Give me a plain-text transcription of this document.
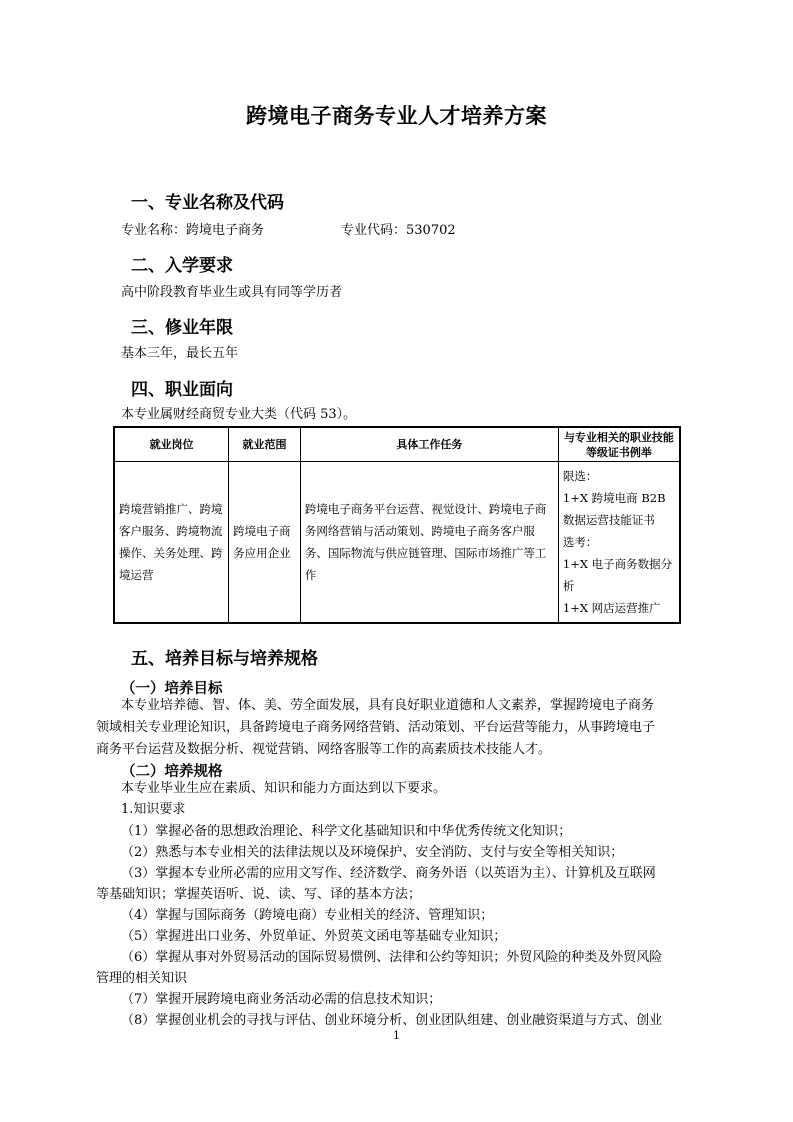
跨境电子商务专业人才培养方案
一、专业名称及代码
专业名称：跨境电子商务	专业代码：530702
二、入学要求
高中阶段教育毕业生或具有同等学历者
三、修业年限
基本三年，最长五年
四、职业面向
本专业属财经商贸专业大类（代码 53）。
就业岗位	就业范围	具体工作任务	与专业相关的职业技能等级证书例举
跨境营销推广、跨境客户服务、跨境物流操作、关务处理、跨境运营	跨境电子商务应用企业	跨境电子商务平台运营、视觉设计、跨境电子商务网络营销与活动策划、跨境电子商务客户服务、国际物流与供应链管理、国际市场推广等工作	限选：
1+X 跨境电商 B2B 数据运营技能证书
选考：
1+X 电子商务数据分析
1+X 网店运营推广
五、培养目标与培养规格
（一）培养目标
本专业培养德、智、体、美、劳全面发展，具有良好职业道德和人文素养，掌握跨境电子商务
领域相关专业理论知识，具备跨境电子商务网络营销、活动策划、平台运营等能力，从事跨境电子
商务平台运营及数据分析、视觉营销、网络客服等工作的高素质技术技能人才。
（二）培养规格
本专业毕业生应在素质、知识和能力方面达到以下要求。
1.知识要求
（1）掌握必备的思想政治理论、科学文化基础知识和中华优秀传统文化知识；
（2）熟悉与本专业相关的法律法规以及环境保护、安全消防、支付与安全等相关知识；
（3）掌握本专业所必需的应用文写作、经济数学、商务外语（以英语为主）、计算机及互联网
等基础知识；掌握英语听、说、读、写、译的基本方法；
（4）掌握与国际商务（跨境电商）专业相关的经济、管理知识；
（5）掌握进出口业务、外贸单证、外贸英文函电等基础专业知识；
（6）掌握从事对外贸易活动的国际贸易惯例、法律和公约等知识；外贸风险的种类及外贸风险
管理的相关知识
（7）掌握开展跨境电商业务活动必需的信息技术知识；
（8）掌握创业机会的寻找与评估、创业环境分析、创业团队组建、创业融资渠道与方式、创业
1
